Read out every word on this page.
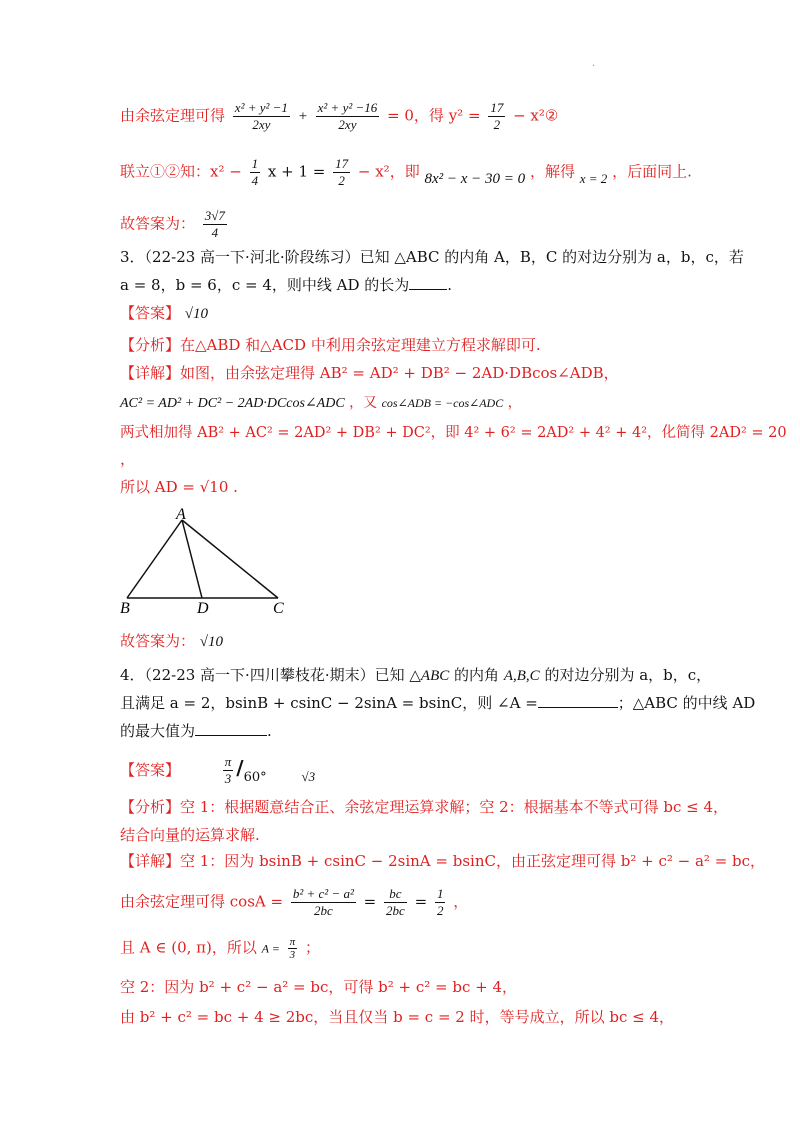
.
由余弦定理可得 $\frac{\text{x² + y² −1}}{2xy} + \frac{\text{x² + y² −16}}{2xy} = 0$，得 $y^2 = \frac{17}{2}$ − x²②
联立①②知：$x^2 - \frac{1}{4}$ $x + 1 = \frac{17}{2} - x^2$，即 8x² − x − 30 = 0 ，解得 x = 2 ，后面同上.
故答案为： $\frac{3√7}{4}$
3．（22-23 高一下·河北·阶段练习）已知 △ABC 的内角 A，B，C 的对边分别为 a，b，c，若
a = 8，b = 6，c = 4，则中线 AD 的长为	.
【答案】 √10
【分析】在△ABD 和△ACD 中利用余弦定理建立方程求解即可.
【详解】如图，由余弦定理得 AB² = AD² + DB² − 2AD·DBcos∠ADB，
AC² = AD² + DC² − 2AD·DCcos∠ADC ，又 cos∠ADB = −cos∠ADC ，
两式相加得 AB² + AC² = 2AD² + DB² + DC²，即 4² + 6² = 2AD² + 4² + 4²，化简得 2AD² = 20
，
所以 AD = √10 .
A
B	D	C
故答案为： √10
4．（22-23 高一下·四川攀枝花·期末）已知 △ABC 的内角 A,B,C 的对边分别为 a，b，c，
且满足 a = 2，bsinB + csinC − 2sinA = bsinC，则 ∠A =	；△ABC 的中线 AD
的最大值为	.
【答案】	$\frac{\pi}{3} /60^\circ$	√3
【分析】空 1：根据题意结合正、余弦定理运算求解；空 2：根据基本不等式可得 bc ≤ 4，
结合向量的运算求解.
【详解】空 1：因为 bsinB + csinC − 2sinA = bsinC，由正弦定理可得 b² + c² − a² = bc，
由余弦定理可得 $\cos A = \frac{\text{b² + c² − a²}}{2bc} = \frac{bc}{2bc} = \frac{1}{2}$ ，
且 A ∈ (0, π)，所以 $A = \frac{\pi}{3}$ ；
空 2：因为 b² + c² − a² = bc，可得 b² + c² = bc + 4，
由 b² + c² = bc + 4 ≥ 2bc，当且仅当 b = c = 2 时，等号成立，所以 bc ≤ 4，
